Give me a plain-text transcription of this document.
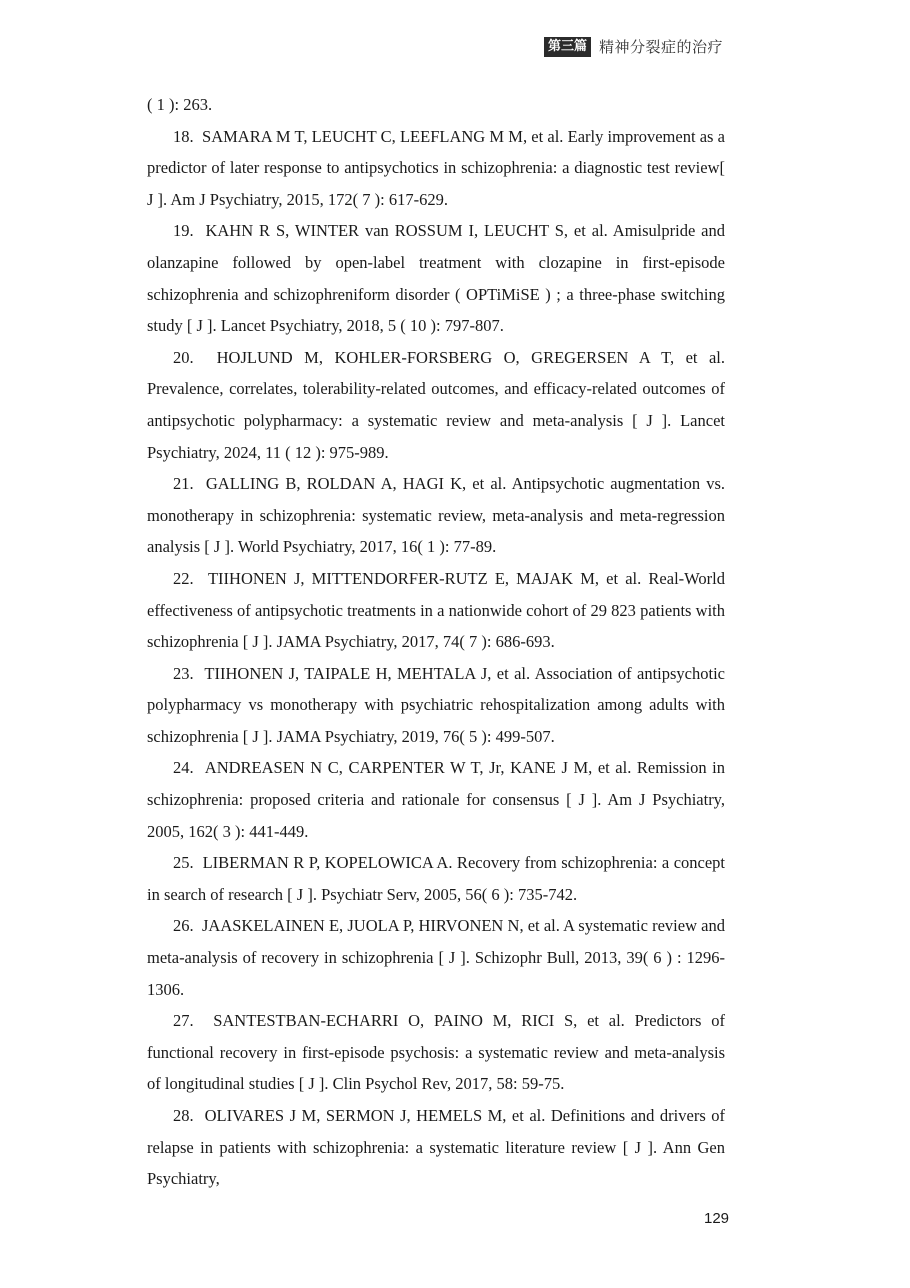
第三篇 精神分裂症的治疗

( 1 ): 263.

18. SAMARA M T, LEUCHT C, LEEFLANG M M, et al. Early improvement as a predictor of later response to antipsychotics in schizophrenia: a diagnostic test review[ J ]. Am J Psychiatry, 2015, 172( 7 ): 617-629.

19. KAHN R S, WINTER van ROSSUM I, LEUCHT S, et al. Amisulpride and olanzapine followed by open-label treatment with clozapine in first-episode schizophrenia and schizophreniform disorder ( OPTiMiSE ) ; a three-phase switching study [ J ]. Lancet Psychiatry, 2018, 5 ( 10 ): 797-807.

20. HOJLUND M, KOHLER-FORSBERG O, GREGERSEN A T, et al. Prevalence, correlates, tolerability-related outcomes, and efficacy-related outcomes of antipsychotic polypharmacy: a systematic review and meta-analysis [ J ]. Lancet Psychiatry, 2024, 11 ( 12 ): 975-989.

21. GALLING B, ROLDAN A, HAGI K, et al. Antipsychotic augmentation vs. monotherapy in schizophrenia: systematic review, meta-analysis and meta-regression analysis [ J ]. World Psychiatry, 2017, 16( 1 ): 77-89.

22. TIIHONEN J, MITTENDORFER-RUTZ E, MAJAK M, et al. Real-World effectiveness of antipsychotic treatments in a nationwide cohort of 29 823 patients with schizophrenia [ J ]. JAMA Psychiatry, 2017, 74( 7 ): 686-693.

23. TIIHONEN J, TAIPALE H, MEHTALA J, et al. Association of antipsychotic polypharmacy vs monotherapy with psychiatric rehospitalization among adults with schizophrenia [ J ]. JAMA Psychiatry, 2019, 76( 5 ): 499-507.

24. ANDREASEN N C, CARPENTER W T, Jr, KANE J M, et al. Remission in schizophrenia: proposed criteria and rationale for consensus [ J ]. Am J Psychiatry, 2005, 162( 3 ): 441-449.

25. LIBERMAN R P, KOPELOWICA A. Recovery from schizophrenia: a concept in search of research [ J ]. Psychiatr Serv, 2005, 56( 6 ): 735-742.

26. JAASKELAINEN E, JUOLA P, HIRVONEN N, et al. A systematic review and meta-analysis of recovery in schizophrenia [ J ]. Schizophr Bull, 2013, 39( 6 ) : 1296-1306.

27. SANTESTBAN-ECHARRI O, PAINO M, RICI S, et al. Predictors of functional recovery in first-episode psychosis: a systematic review and meta-analysis of longitudinal studies [ J ]. Clin Psychol Rev, 2017, 58: 59-75.

28. OLIVARES J M, SERMON J, HEMELS M, et al. Definitions and drivers of relapse in patients with schizophrenia: a systematic literature review [ J ]. Ann Gen Psychiatry,

129
